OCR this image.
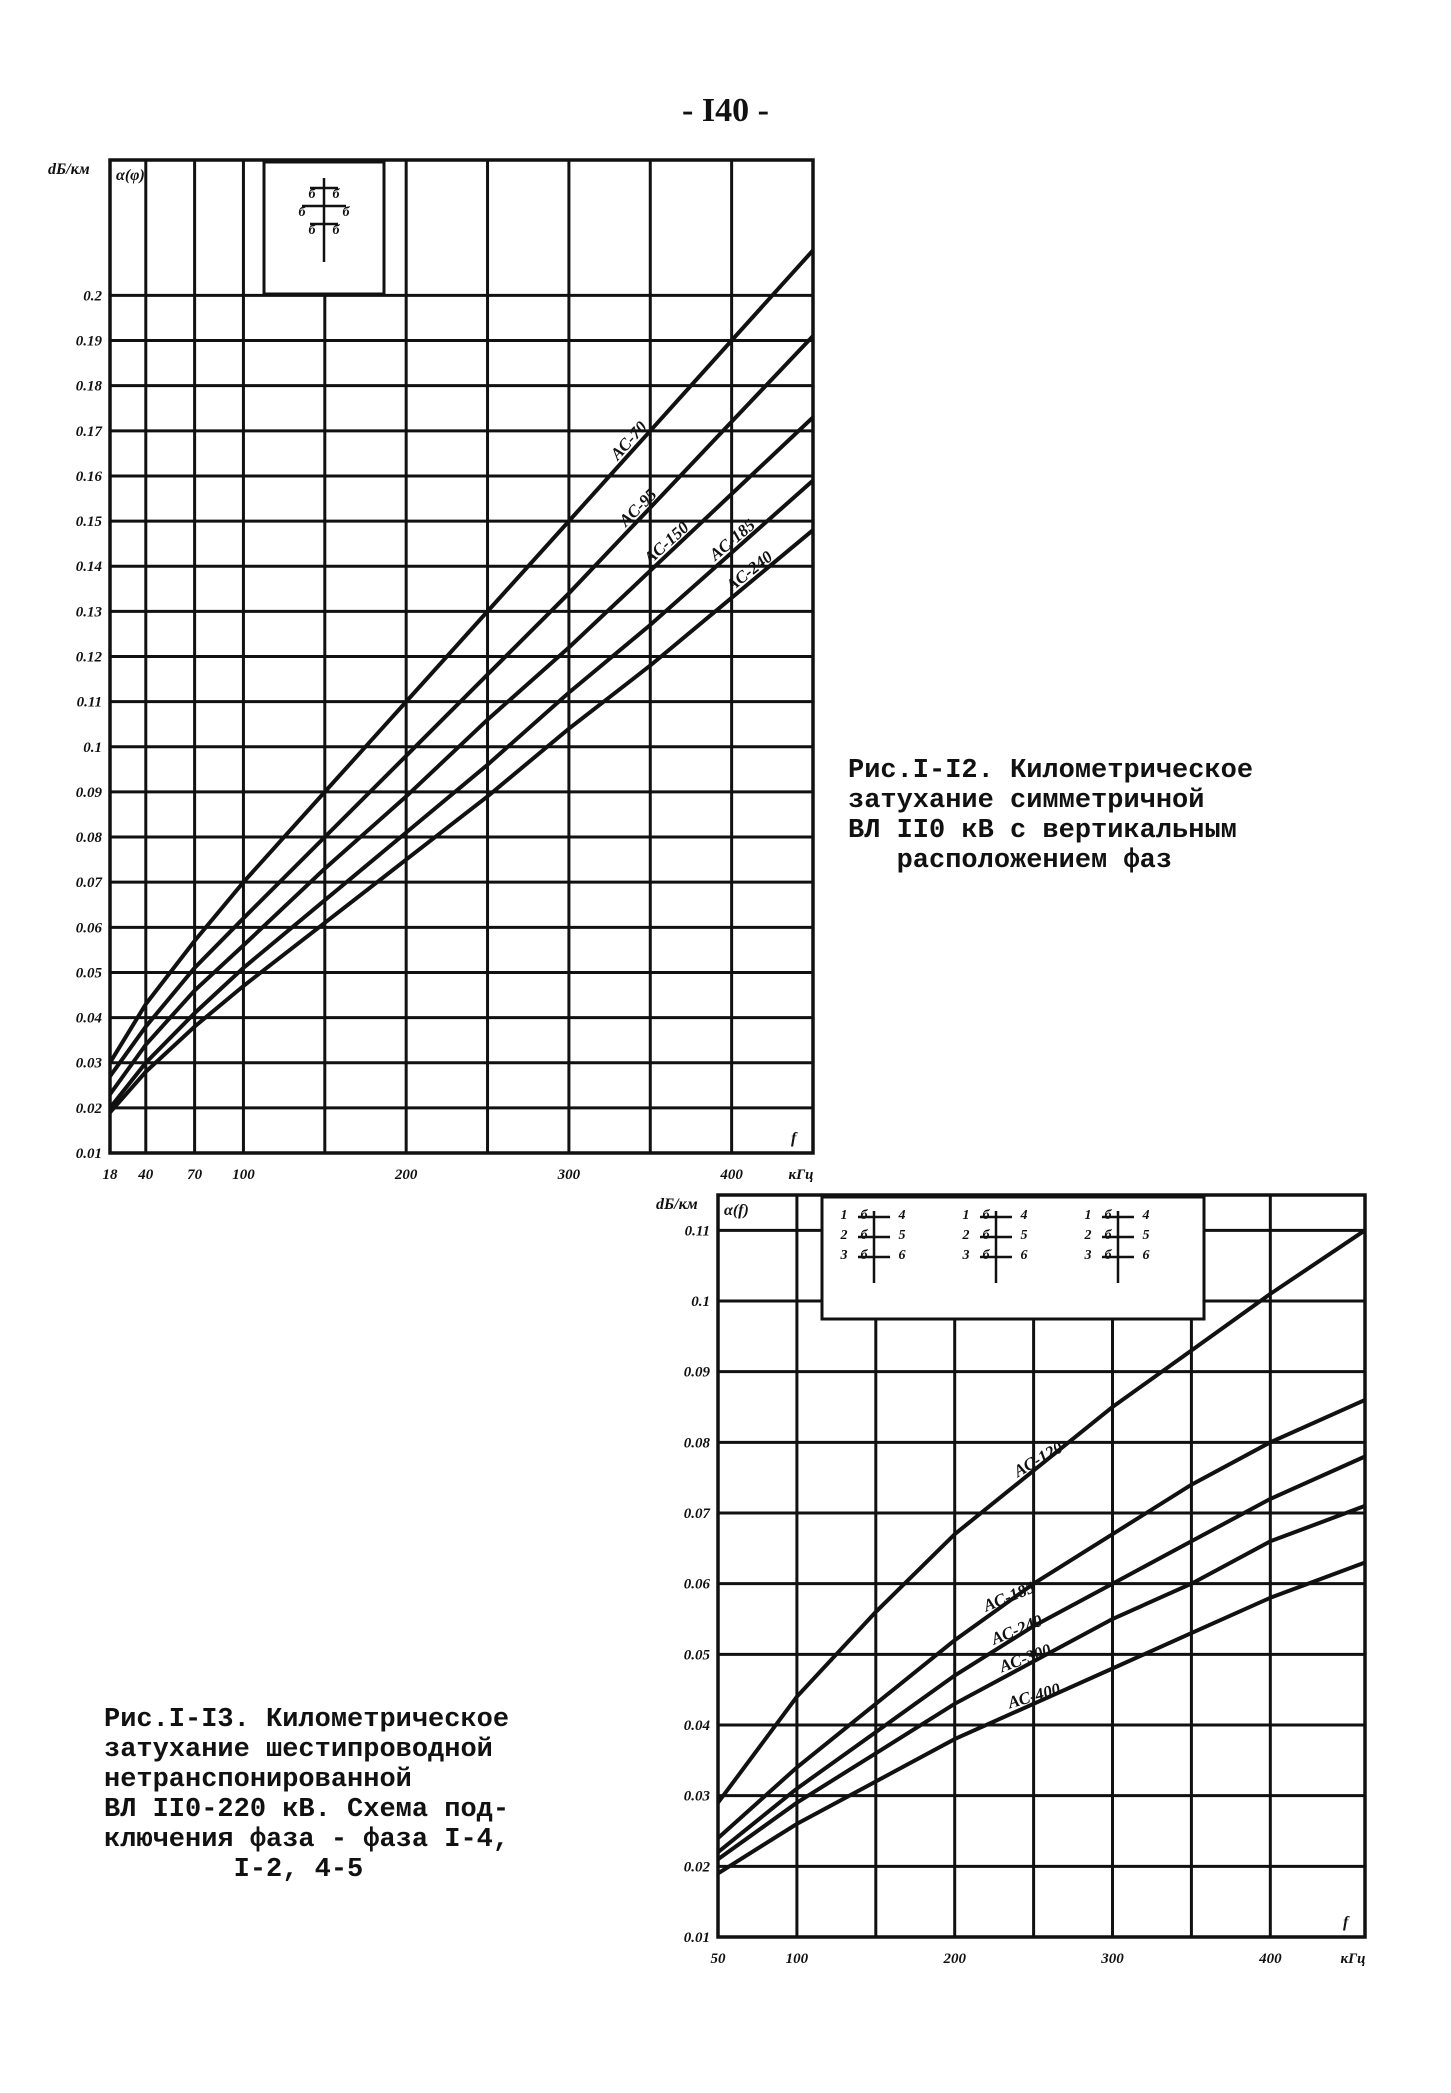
- I40 -
б б
б	б
б б
0.01
0.02
0.03
0.04
0.05
0.06
0.07
0.08
0.09
0.1
0.11
0.12
0.13
0.14
0.15
0.16
0.17
0.18
0.19
0.2
18 40 70 100	200	300	400
dБ/км α(φ)
f
кГц
АС-70
АС-95
АС-150 АС-185
АС-240
1 б 4
2 б 5
3 б 6
1 б 4
2 б 5
3 б 6
1 б 4
2 б 5
3 б 6
0.01
0.02
0.03
0.04
0.05
0.06
0.07
0.08
0.09
0.1
0.11
50	100	200	300	400
dБ/км α(f)
f
кГц
АС-120
АС-185
АС-240
АС-300
АС-400
Рис.I-I2. Километрическое
затухание симметричной
ВЛ II0 кВ с вертикальным
расположением фаз
Рис.I-I3. Километрическое
затухание шестипроводной
нетранспонированной
ВЛ II0-220 кВ. Схема под-
ключения фаза - фаза I-4,
I-2, 4-5
